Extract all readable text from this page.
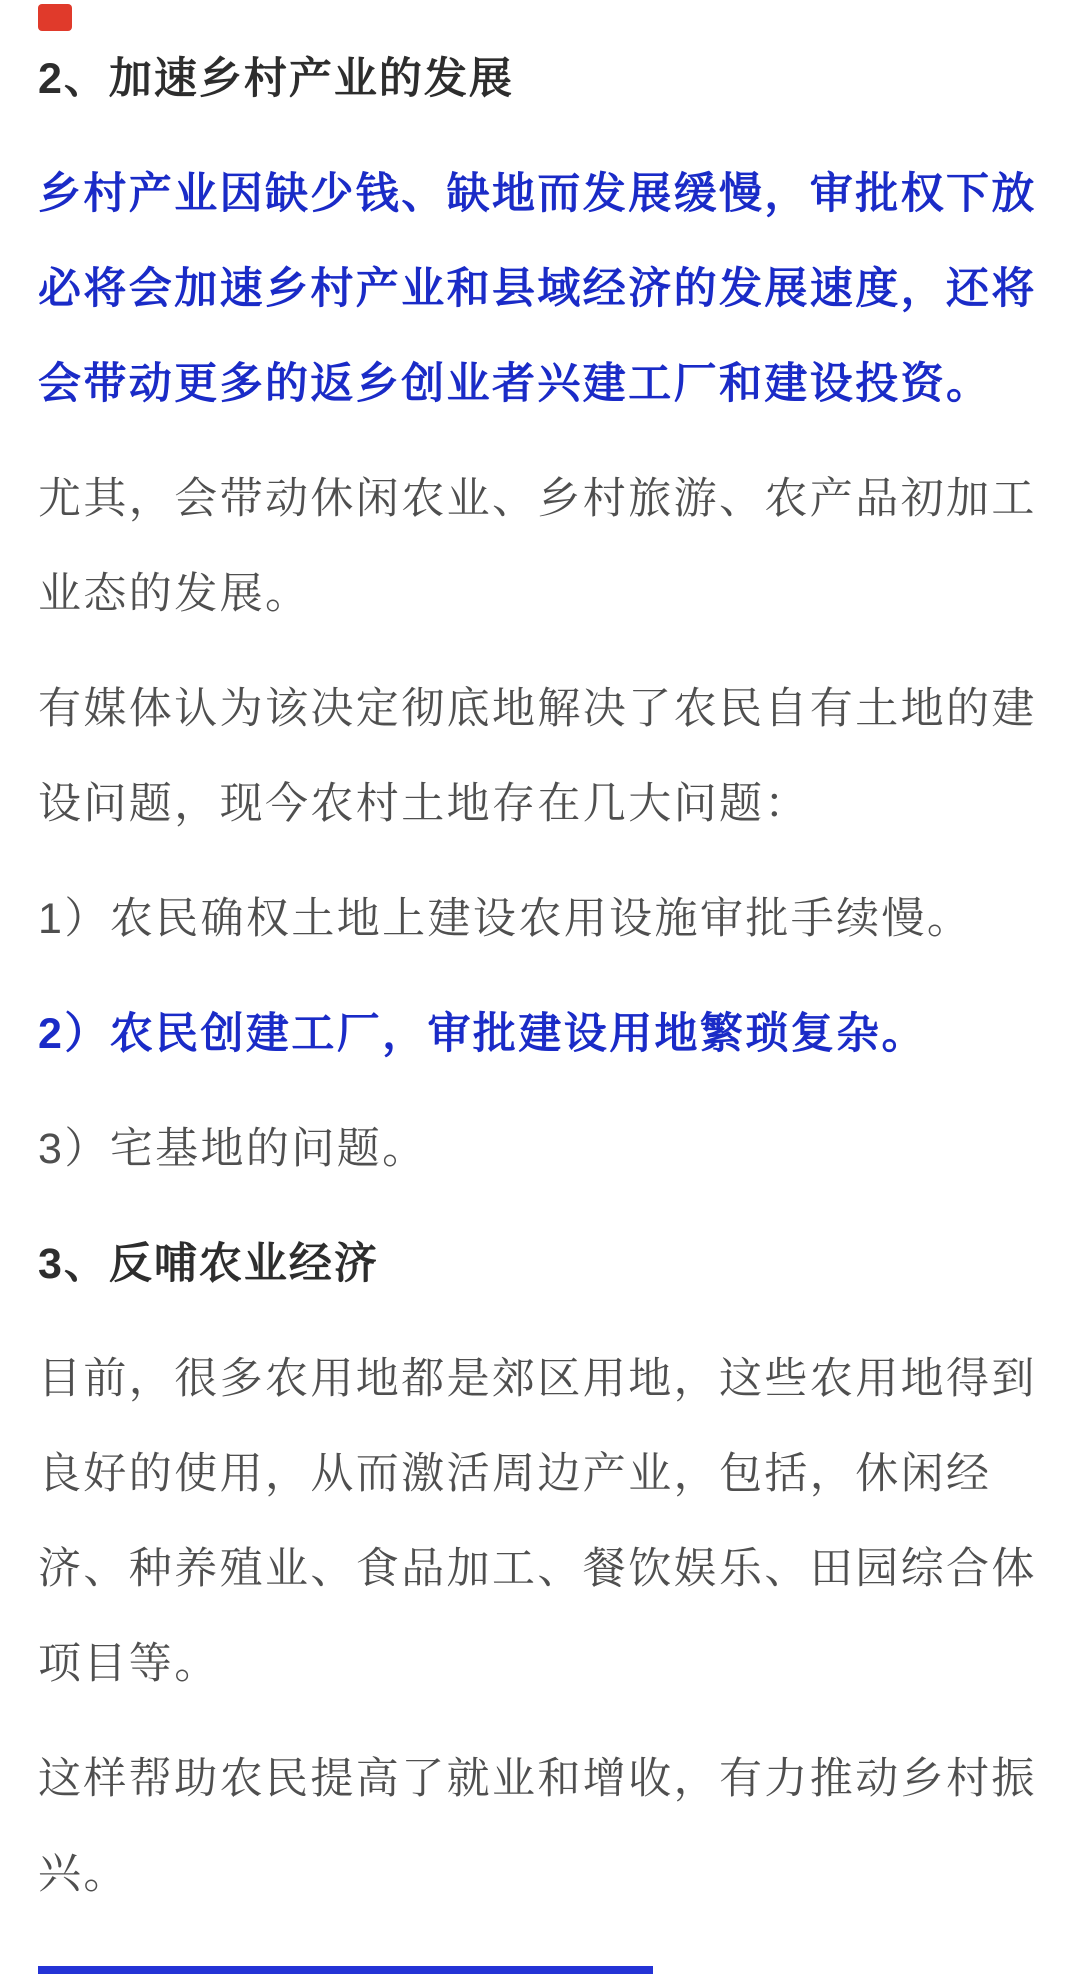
2、加速乡村产业的发展
乡村产业因缺少钱、缺地而发展缓慢，审批权下放
必将会加速乡村产业和县域经济的发展速度，还将
会带动更多的返乡创业者兴建工厂和建设投资。
尤其，会带动休闲农业、乡村旅游、农产品初加工
业态的发展。
有媒体认为该决定彻底地解决了农民自有土地的建
设问题，现今农村土地存在几大问题：
1）农民确权土地上建设农用设施审批手续慢。
2）农民创建工厂，审批建设用地繁琐复杂。
3）宅基地的问题。
3、反哺农业经济
目前，很多农用地都是郊区用地，这些农用地得到
良好的使用，从而激活周边产业，包括，休闲经
济、种养殖业、食品加工、餐饮娱乐、田园综合体
项目等。
这样帮助农民提高了就业和增收，有力推动乡村振
兴。
